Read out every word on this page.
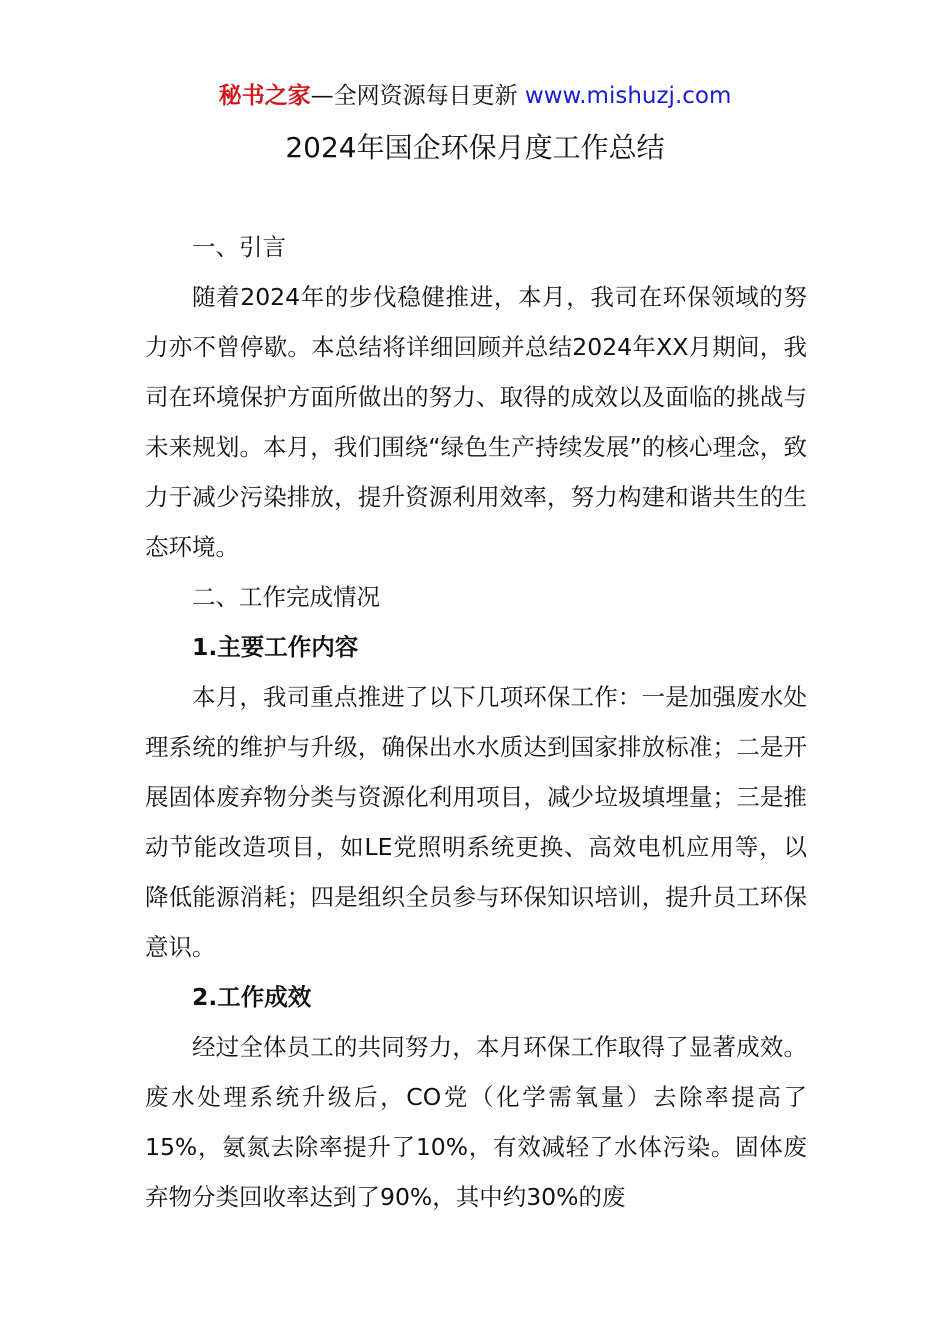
秘书之家—全网资源每日更新 www.mishuzj.com
2024年国企环保月度工作总结

一、引言

随着2024年的步伐稳健推进，本月，我司在环保领域的努力亦不曾停歇。本总结将详细回顾并总结2024年XX月期间，我司在环境保护方面所做出的努力、取得的成效以及面临的挑战与未来规划。本月，我们围绕“绿色生产持续发展”的核心理念，致力于减少污染排放，提升资源利用效率，努力构建和谐共生的生态环境。

二、工作完成情况

1.主要工作内容

本月，我司重点推进了以下几项环保工作：一是加强废水处理系统的维护与升级，确保出水水质达到国家排放标准；二是开展固体废弃物分类与资源化利用项目，减少垃圾填埋量；三是推动节能改造项目，如LE党照明系统更换、高效电机应用等，以降低能源消耗；四是组织全员参与环保知识培训，提升员工环保意识。

2.工作成效

经过全体员工的共同努力，本月环保工作取得了显著成效。废水处理系统升级后，CO党（化学需氧量）去除率提高了15%，氨氮去除率提升了10%，有效减轻了水体污染。固体废弃物分类回收率达到了90%，其中约30%的废
